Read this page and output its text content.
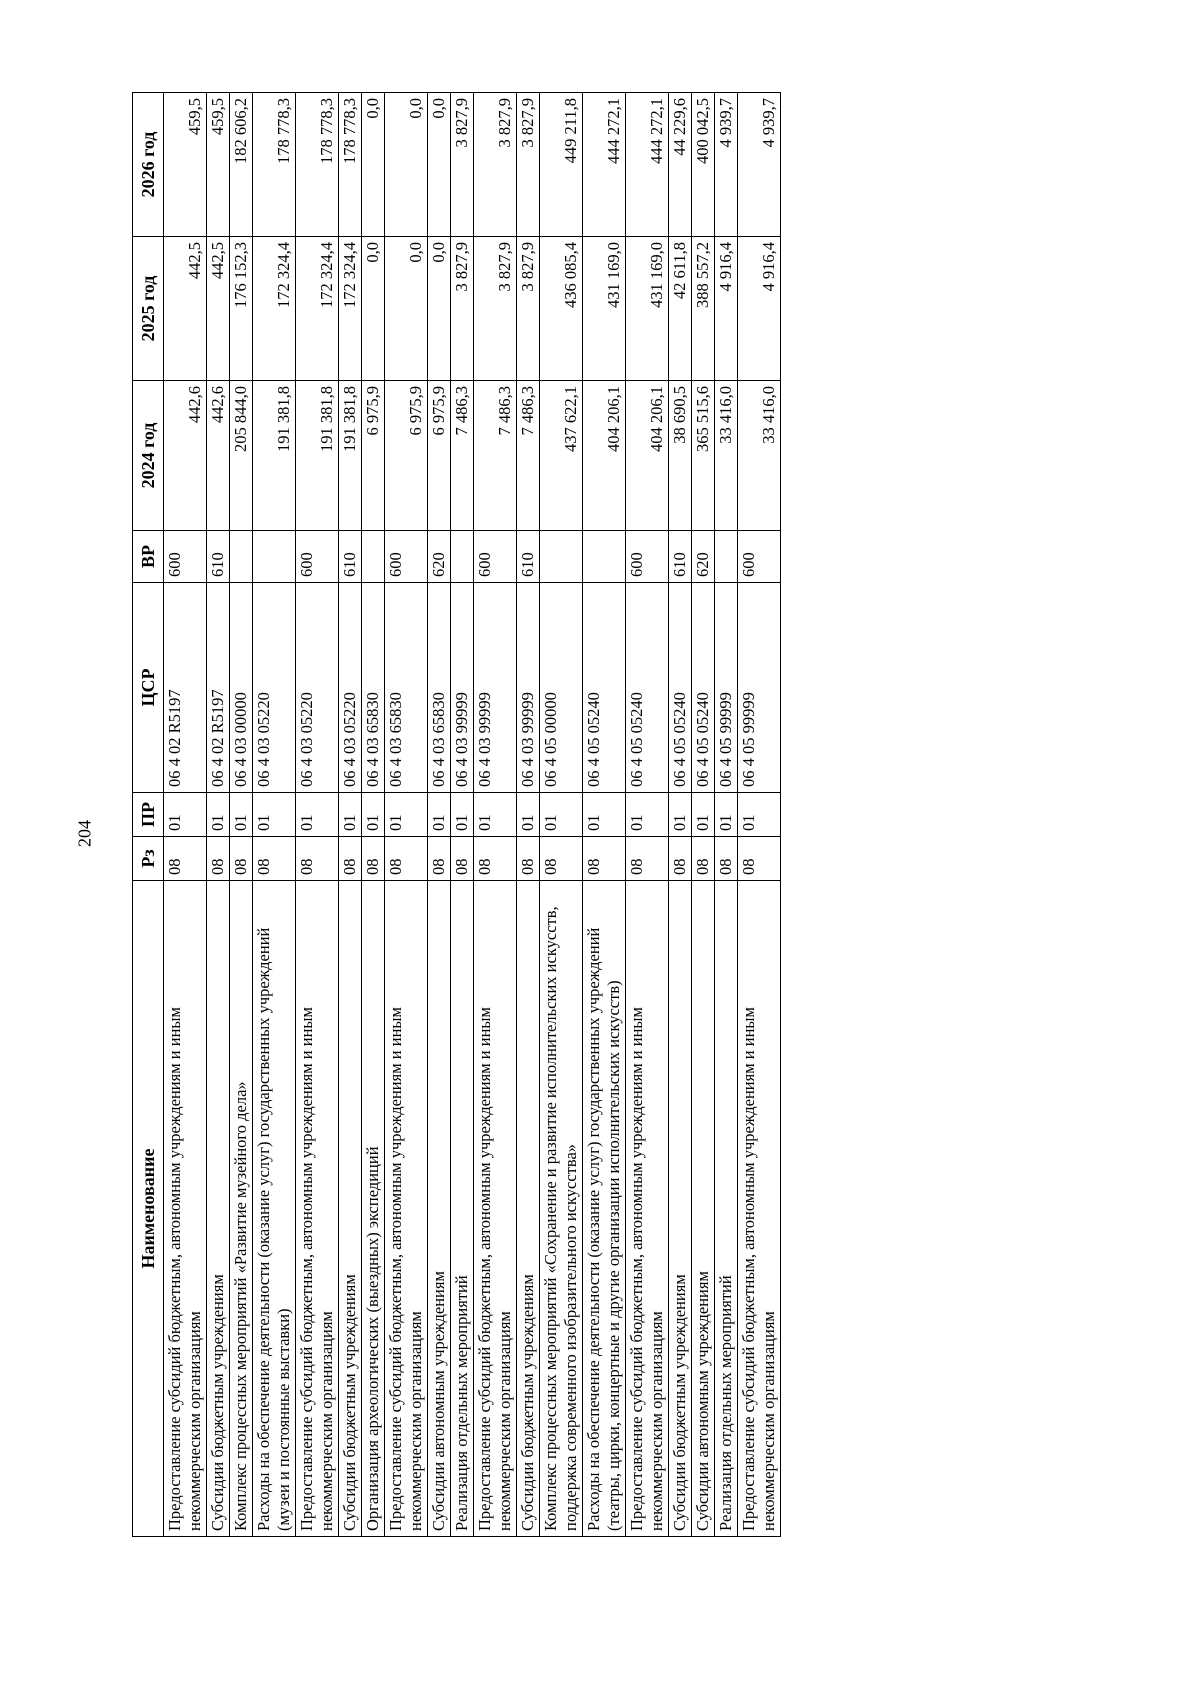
204
Наименование	Рз	ПР	ЦСР	ВР	2024 год	2025 год	2026 год
Предоставление субсидий бюджетным, автономным учреждениям и иным некоммерческим организациям	08	01	06 4 02 R5197	600	442,6	442,5	459,5
Субсидии бюджетным учреждениям	08	01	06 4 02 R5197	610	442,6	442,5	459,5
Комплекс процессных мероприятий «Развитие музейного дела»	08	01	06 4 03 00000		205 844,0	176 152,3	182 606,2
Расходы на обеспечение деятельности (оказание услуг) государственных учреждений (музеи и постоянные выставки)	08	01	06 4 03 05220		191 381,8	172 324,4	178 778,3
Предоставление субсидий бюджетным, автономным учреждениям и иным некоммерческим организациям	08	01	06 4 03 05220	600	191 381,8	172 324,4	178 778,3
Субсидии бюджетным учреждениям	08	01	06 4 03 05220	610	191 381,8	172 324,4	178 778,3
Организация археологических (выездных) экспедиций	08	01	06 4 03 65830		6 975,9	0,0	0,0
Предоставление субсидий бюджетным, автономным учреждениям и иным некоммерческим организациям	08	01	06 4 03 65830	600	6 975,9	0,0	0,0
Субсидии автономным учреждениям	08	01	06 4 03 65830	620	6 975,9	0,0	0,0
Реализация отдельных мероприятий	08	01	06 4 03 99999		7 486,3	3 827,9	3 827,9
Предоставление субсидий бюджетным, автономным учреждениям и иным некоммерческим организациям	08	01	06 4 03 99999	600	7 486,3	3 827,9	3 827,9
Субсидии бюджетным учреждениям	08	01	06 4 03 99999	610	7 486,3	3 827,9	3 827,9
Комплекс процессных мероприятий «Сохранение и развитие исполнительских искусств, поддержка современного изобразительного искусства»	08	01	06 4 05 00000		437 622,1	436 085,4	449 211,8
Расходы на обеспечение деятельности (оказание услуг) государственных учреждений (театры, цирки, концертные и другие организации исполнительских искусств)	08	01	06 4 05 05240		404 206,1	431 169,0	444 272,1
Предоставление субсидий бюджетным, автономным учреждениям и иным некоммерческим организациям	08	01	06 4 05 05240	600	404 206,1	431 169,0	444 272,1
Субсидии бюджетным учреждениям	08	01	06 4 05 05240	610	38 690,5	42 611,8	44 229,6
Субсидии автономным учреждениям	08	01	06 4 05 05240	620	365 515,6	388 557,2	400 042,5
Реализация отдельных мероприятий	08	01	06 4 05 99999		33 416,0	4 916,4	4 939,7
Предоставление субсидий бюджетным, автономным учреждениям и иным некоммерческим организациям	08	01	06 4 05 99999	600	33 416,0	4 916,4	4 939,7
